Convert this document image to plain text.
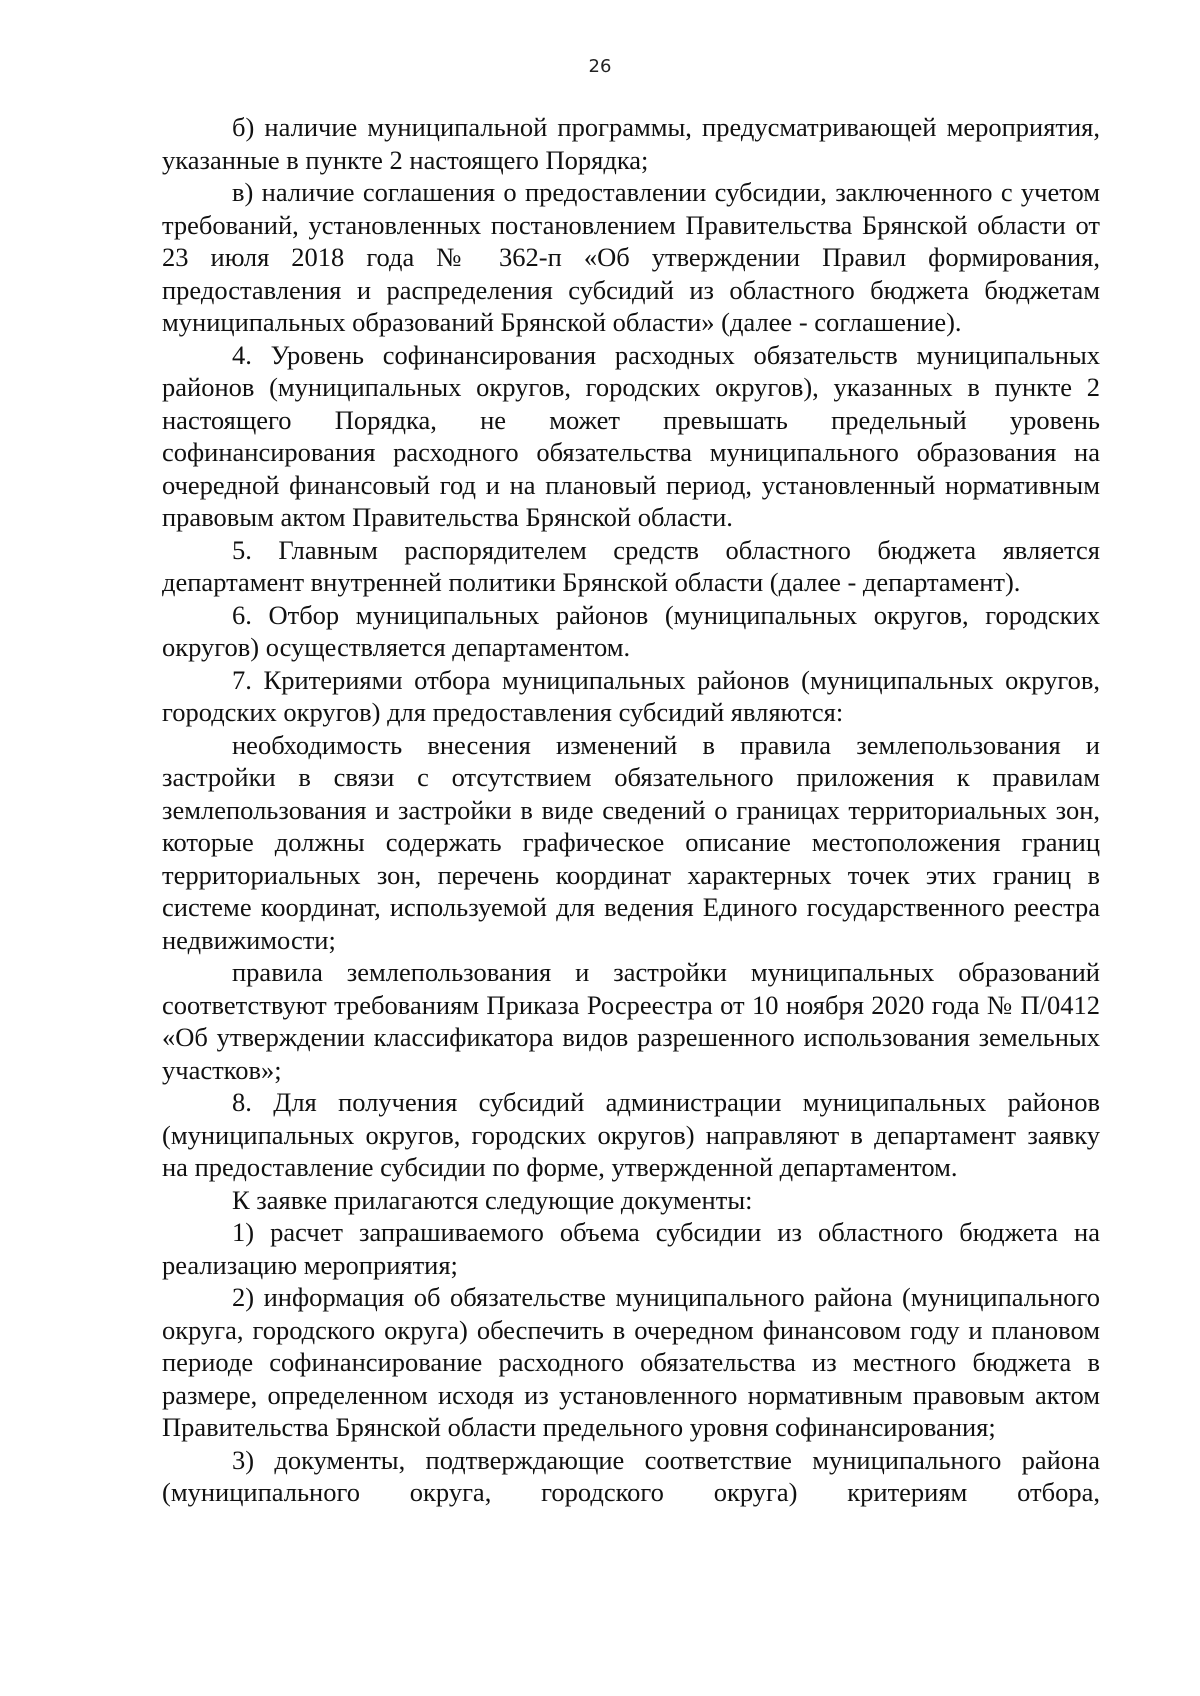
26

б) наличие муниципальной программы, предусматривающей мероприятия, указанные в пункте 2 настоящего Порядка;

в) наличие соглашения о предоставлении субсидии, заключенного с учетом требований, установленных постановлением Правительства Брянской области от 23 июля 2018 года № 362-п «Об утверждении Правил формирования, предоставления и распределения субсидий из областного бюджета бюджетам муниципальных образований Брянской области» (далее - соглашение).

4. Уровень софинансирования расходных обязательств муниципальных районов (муниципальных округов, городских округов), указанных в пункте 2 настоящего Порядка, не может превышать предельный уровень софинансирования расходного обязательства муниципального образования на очередной финансовый год и на плановый период, установленный нормативным правовым актом Правительства Брянской области.

5. Главным распорядителем средств областного бюджета является департамент внутренней политики Брянской области (далее - департамент).

6. Отбор муниципальных районов (муниципальных округов, городских округов) осуществляется департаментом.

7. Критериями отбора муниципальных районов (муниципальных округов, городских округов) для предоставления субсидий являются:

необходимость внесения изменений в правила землепользования и застройки в связи с отсутствием обязательного приложения к правилам землепользования и застройки в виде сведений о границах территориальных зон, которые должны содержать графическое описание местоположения границ территориальных зон, перечень координат характерных точек этих границ в системе координат, используемой для ведения Единого государственного реестра недвижимости;

правила землепользования и застройки муниципальных образований соответствуют требованиям Приказа Росреестра от 10 ноября 2020 года № П/0412 «Об утверждении классификатора видов разрешенного использования земельных участков»;

8. Для получения субсидий администрации муниципальных районов (муниципальных округов, городских округов) направляют в департамент заявку на предоставление субсидии по форме, утвержденной департаментом.

К заявке прилагаются следующие документы:

1) расчет запрашиваемого объема субсидии из областного бюджета на реализацию мероприятия;

2) информация об обязательстве муниципального района (муниципального округа, городского округа) обеспечить в очередном финансовом году и плановом периоде софинансирование расходного обязательства из местного бюджета в размере, определенном исходя из установленного нормативным правовым актом Правительства Брянской области предельного уровня софинансирования;

3) документы, подтверждающие соответствие муниципального района (муниципального округа, городского округа) критериям отбора,
